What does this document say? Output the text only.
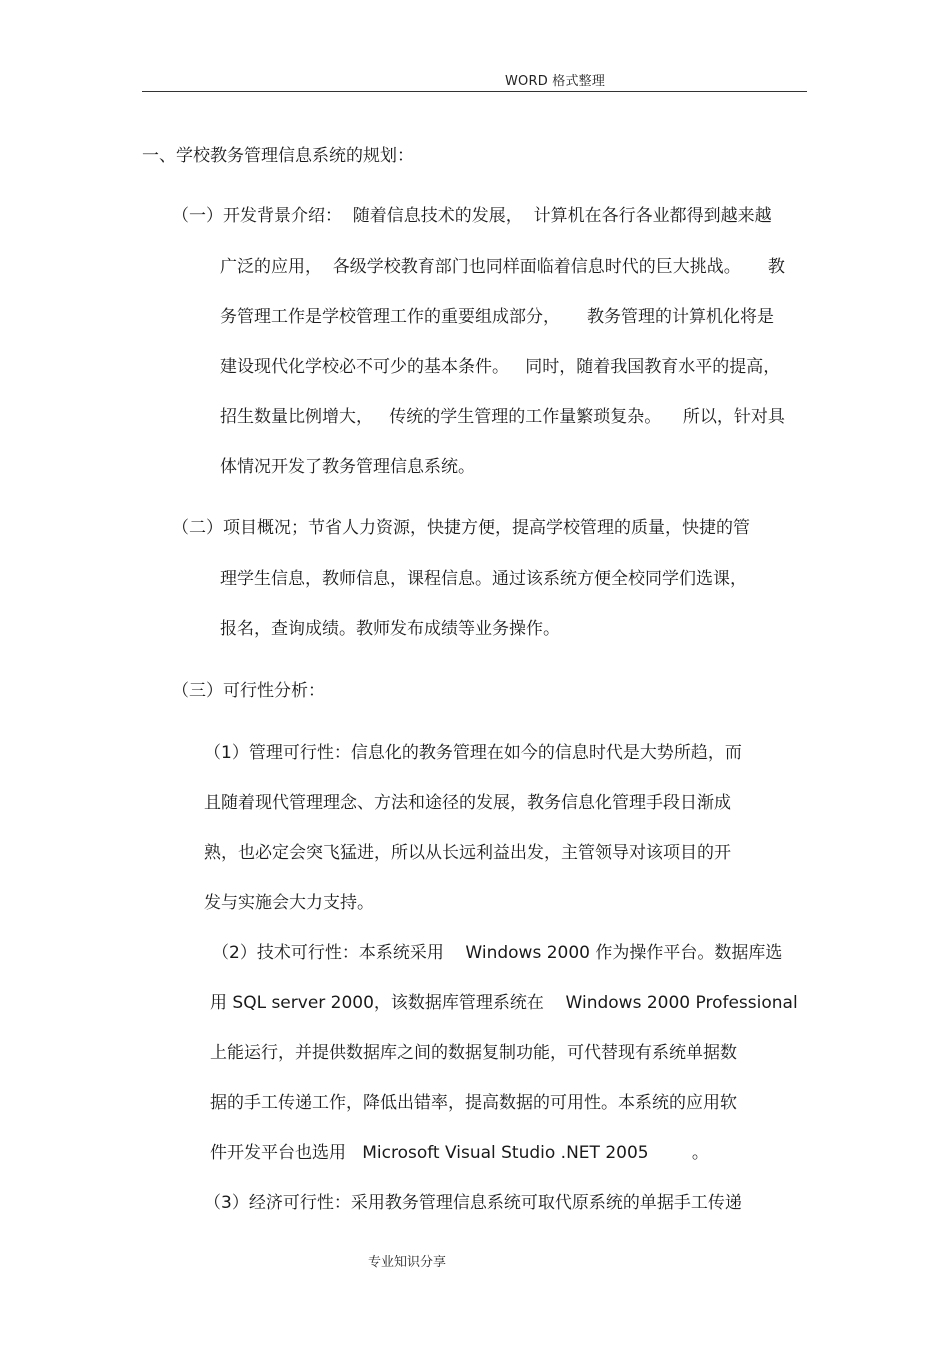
WORD 格式整理
一、学校教务管理信息系统的规划：
（一）开发背景介绍：  随着信息技术的发展，  计算机在各行各业都得到越来越
广泛的应用，  各级学校教育部门也同样面临着信息时代的巨大挑战。     教
务管理工作是学校管理工作的重要组成部分，     教务管理的计算机化将是
建设现代化学校必不可少的基本条件。   同时，随着我国教育水平的提高，
招生数量比例增大，   传统的学生管理的工作量繁琐复杂。    所以，针对具
体情况开发了教务管理信息系统。
（二）项目概况；节省人力资源，快捷方便，提高学校管理的质量，快捷的管
理学生信息，教师信息，课程信息。通过该系统方便全校同学们选课，
报名，查询成绩。教师发布成绩等业务操作。
（三）可行性分析：
（1）管理可行性：信息化的教务管理在如今的信息时代是大势所趋，而
且随着现代管理理念、方法和途径的发展，教务信息化管理手段日渐成
熟，也必定会突飞猛进，所以从长远利益出发，主管领导对该项目的开
发与实施会大力支持。
（2）技术可行性：本系统采用    Windows 2000 作为操作平台。数据库选
用 SQL server 2000，该数据库管理系统在    Windows 2000 Professional
上能运行，并提供数据库之间的数据复制功能，可代替现有系统单据数
据的手工传递工作，降低出错率，提高数据的可用性。本系统的应用软
件开发平台也选用   Microsoft Visual Studio .NET 2005        。
（3）经济可行性：采用教务管理信息系统可取代原系统的单据手工传递
专业知识分享
